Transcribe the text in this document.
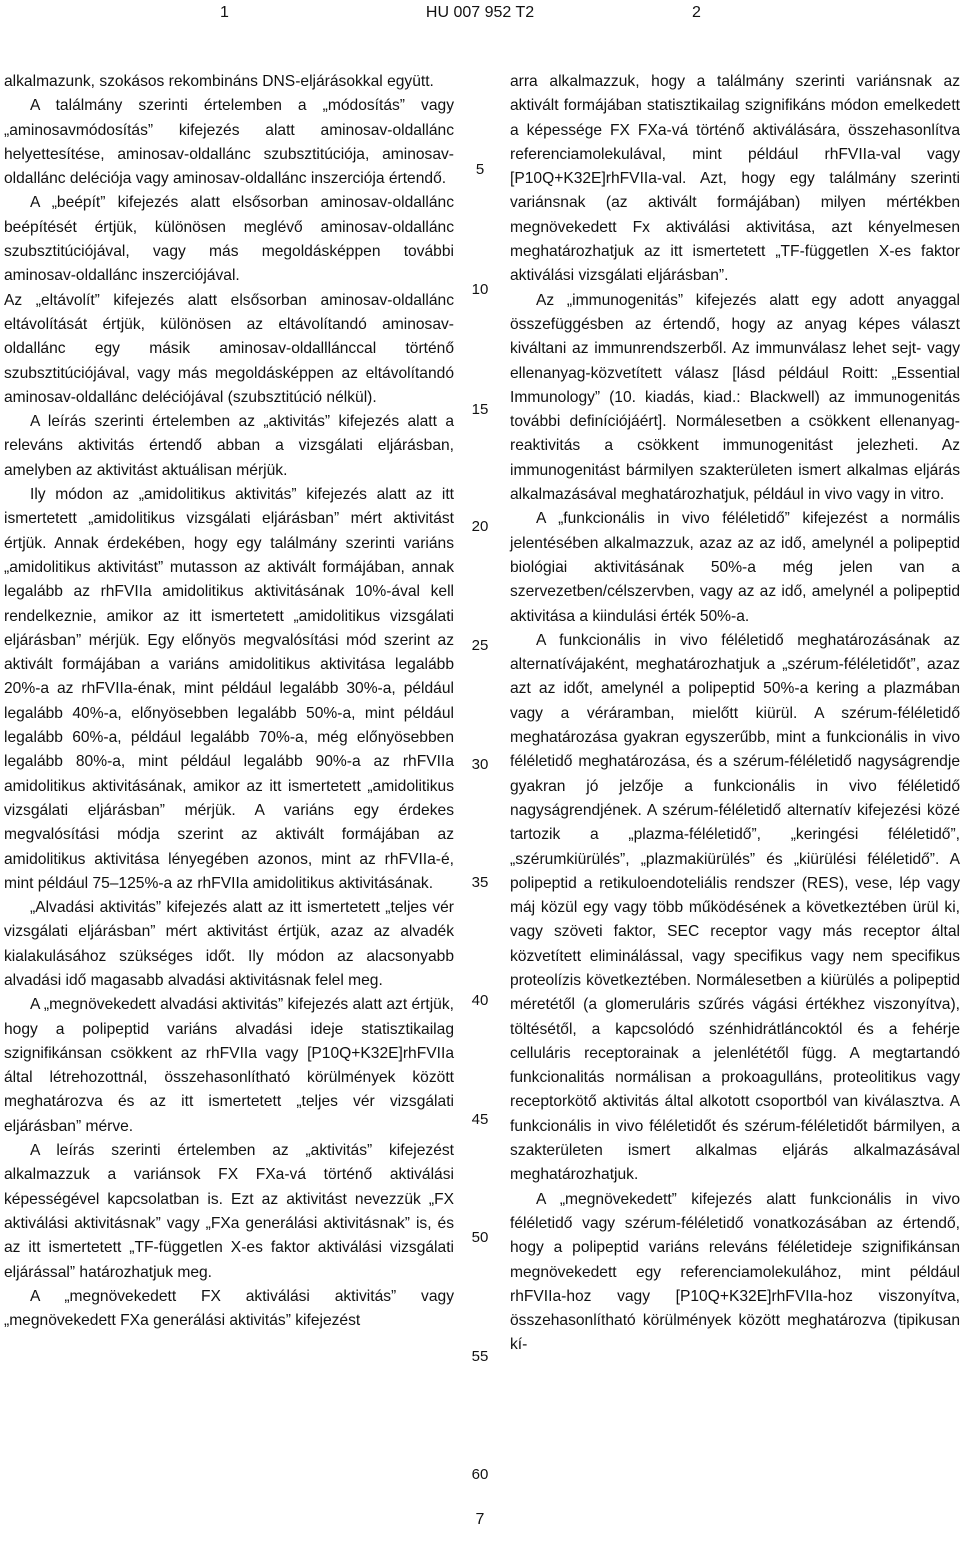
1	HU 007 952 T2	2

alkalmazunk, szokásos rekombináns DNS-eljárásokkal együtt.

A találmány szerinti értelemben a „módosítás” vagy „aminosavmódosítás” kifejezés alatt aminosav-oldallánc helyettesítése, aminosav-oldallánc szubsztitúciója, aminosav-oldallánc deléciója vagy aminosav-oldallánc inszerciója értendő.

A „beépít” kifejezés alatt elsősorban aminosav-oldallánc beépítését értjük, különösen meglévő aminosav-oldallánc szubsztitúciójával, vagy más megoldásképpen további aminosav-oldallánc inszerciójával.

Az „eltávolít” kifejezés alatt elsősorban aminosav-oldallánc eltávolítását értjük, különösen az eltávolítandó aminosav-oldallánc egy másik aminosav-oldalllánccal történő szubsztitúciójával, vagy más megoldásképpen az eltávolítandó aminosav-oldallánc deléciójával (szubsztitúció nélkül).

A leírás szerinti értelemben az „aktivitás” kifejezés alatt a releváns aktivitás értendő abban a vizsgálati eljárásban, amelyben az aktivitást aktuálisan mérjük.

Ily módon az „amidolitikus aktivitás” kifejezés alatt az itt ismertetett „amidolitikus vizsgálati eljárásban” mért aktivitást értjük. Annak érdekében, hogy egy találmány szerinti variáns „amidolitikus aktivitást” mutasson az aktivált formájában, annak legalább az rhFVIIa amidolitikus aktivitásának 10%-ával kell rendelkeznie, amikor az itt ismertetett „amidolitikus vizsgálati eljárásban” mérjük. Egy előnyös megvalósítási mód szerint az aktivált formájában a variáns amidolitikus aktivitása legalább 20%-a az rhFVIIa-énak, mint például legalább 30%-a, például legalább 40%-a, előnyösebben legalább 50%-a, mint például legalább 60%-a, például legalább 70%-a, még előnyösebben legalább 80%-a, mint például legalább 90%-a az rhFVIIa amidolitikus aktivitásának, amikor az itt ismertetett „amidolitikus vizsgálati eljárásban” mérjük. A variáns egy érdekes megvalósítási módja szerint az aktivált formájában az amidolitikus aktivitása lényegében azonos, mint az rhFVIIa-é, mint például 75–125%-a az rhFVIIa amidolitikus aktivitásának.

„Alvadási aktivitás” kifejezés alatt az itt ismertetett „teljes vér vizsgálati eljárásban” mért aktivitást értjük, azaz az alvadék kialakulásához szükséges időt. Ily módon az alacsonyabb alvadási idő magasabb alvadási aktivitásnak felel meg.

A „megnövekedett alvadási aktivitás” kifejezés alatt azt értjük, hogy a polipeptid variáns alvadási ideje statisztikailag szignifikánsan csökkent az rhFVIIa vagy [P10Q+K32E]rhFVIIa által létrehozottnál, összehasonlítható körülmények között meghatározva és az itt ismertetett „teljes vér vizsgálati eljárásban” mérve.

A leírás szerinti értelemben az „aktivitás” kifejezést alkalmazzuk a variánsok FX FXa-vá történő aktiválási képességével kapcsolatban is. Ezt az aktivitást nevezzük „FX aktiválási aktivitásnak” vagy „FXa generálási aktivitásnak” is, és az itt ismertetett „TF-független X-es faktor aktiválási vizsgálati eljárással” határozhatjuk meg.

A „megnövekedett FX aktiválási aktivitás” vagy „megnövekedett FXa generálási aktivitás” kifejezést

5
10
15
20
25
30
35
40
45
50
55
60

arra alkalmazzuk, hogy a találmány szerinti variánsnak az aktivált formájában statisztikailag szignifikáns módon emelkedett a képessége FX FXa-vá történő aktiválására, összehasonlítva referenciamolekulával, mint például rhFVIIa-val vagy [P10Q+K32E]rhFVIIa-val. Azt, hogy egy találmány szerinti variánsnak (az aktivált formájában) milyen mértékben megnövekedett Fx aktiválási aktivitása, azt kényelmesen meghatározhatjuk az itt ismertetett „TF-független X-es faktor aktiválási vizsgálati eljárásban”.

Az „immunogenitás” kifejezés alatt egy adott anyaggal összefüggésben az értendő, hogy az anyag képes választ kiváltani az immunrendszerből. Az immunválasz lehet sejt- vagy ellenanyag-közvetített válasz [lásd például Roitt: „Essential Immunology” (10. kiadás, kiad.: Blackwell) az immunogenitás további definíciójáért]. Normálesetben a csökkent ellenanyag-reaktivitás a csökkent immunogenitást jelezheti. Az immunogenitást bármilyen szakterületen ismert alkalmas eljárás alkalmazásával meghatározhatjuk, például in vivo vagy in vitro.

A „funkcionális in vivo féléletidő” kifejezést a normális jelentésében alkalmazzuk, azaz az az idő, amelynél a polipeptid biológiai aktivitásának 50%-a még jelen van a szervezetben/célszervben, vagy az az idő, amelynél a polipeptid aktivitása a kiindulási érték 50%-a.

A funkcionális in vivo féléletidő meghatározásának az alternatívájaként, meghatározhatjuk a „szérum-féléletidőt”, azaz azt az időt, amelynél a polipeptid 50%-a kering a plazmában vagy a véráramban, mielőtt kiürül. A szérum-féléletidő meghatározása gyakran egyszerűbb, mint a funkcionális in vivo féléletidő meghatározása, és a szérum-féléletidő nagyságrendje gyakran jó jelzője a funkcionális in vivo féléletidő nagyságrendjének. A szérum-féléletidő alternatív kifejezési közé tartozik a „plazma-féléletidő”, „keringési féléletidő”, „szérumkiürülés”, „plazmakiürülés” és „kiürülési féléletidő”. A polipeptid a retikuloendoteliális rendszer (RES), vese, lép vagy máj közül egy vagy több működésének a következtében ürül ki, vagy szöveti faktor, SEC receptor vagy más receptor által közvetített eliminálással, vagy specifikus vagy nem specifikus proteolízis következtében. Normálesetben a kiürülés a polipeptid méretétől (a glomeruláris szűrés vágási értékhez viszonyítva), töltésétől, a kapcsolódó szénhidrátláncoktól és a fehérje celluláris receptorainak a jelenlététől függ. A megtartandó funkcionalitás normálisan a prokoagulláns, proteolitikus vagy receptorkötő aktivitás által alkotott csoportból van kiválasztva. A funkcionális in vivo féléletidőt és szérum-féléletidőt bármilyen, a szakterületen ismert alkalmas eljárás alkalmazásával meghatározhatjuk.

A „megnövekedett” kifejezés alatt funkcionális in vivo féléletidő vagy szérum-féléletidő vonatkozásában az értendő, hogy a polipeptid variáns releváns féléletideje szignifikánsan megnövekedett egy referenciamolekulához, mint például rhFVIIa-hoz vagy [P10Q+K32E]rhFVIIa-hoz viszonyítva, összehasonlítható körülmények között meghatározva (tipikusan kí-

7
